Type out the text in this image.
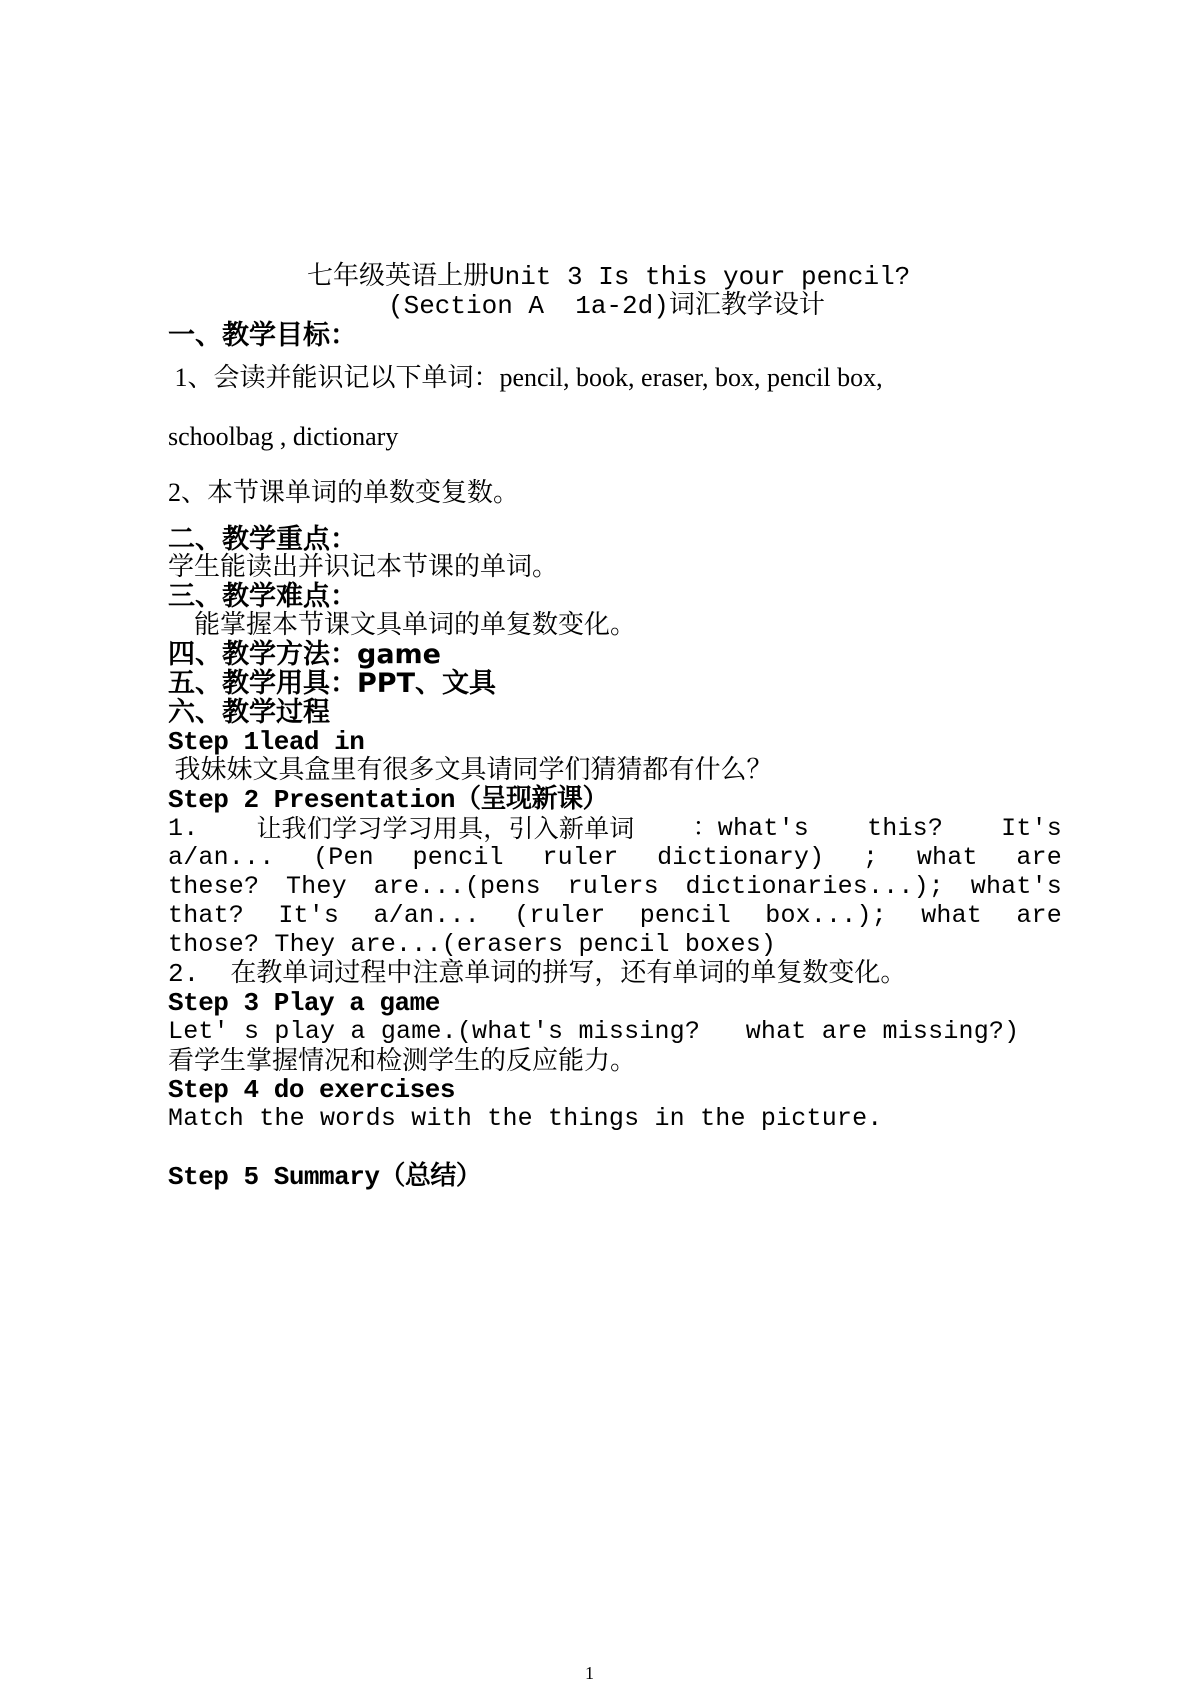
七年级英语上册Unit 3 Is this your pencil?
(Section A  1a-2d)词汇教学设计
一、教学目标：
1、会读并能识记以下单词：pencil, book, eraser, box, pencil box,
schoolbag , dictionary
2、本节课单词的单数变复数。
二、教学重点：
学生能读出并识记本节课的单词。
三、教学难点：
能掌握本节课文具单词的单复数变化。
四、教学方法：game
五、教学用具：PPT、文具
六、教学过程
Step 1lead in
我妹妹文具盒里有很多文具请同学们猜猜都有什么？
Step 2 Presentation（呈现新课）
1. 让我们学习学习用具，引入新单词 ：what's this? It's
a/an... (Pen pencil ruler dictionary) ; what are
these? They are...(pens rulers dictionaries...); what's
that? It's a/an... (ruler pencil box...); what are
those? They are...(erasers pencil boxes)
2.  在教单词过程中注意单词的拼写，还有单词的单复数变化。
Step 3 Play a game
Let' s play a game.(what's missing?   what are missing?)
看学生掌握情况和检测学生的反应能力。
Step 4 do exercises
Match the words with the things in the picture.
Step 5 Summary（总结）
1
